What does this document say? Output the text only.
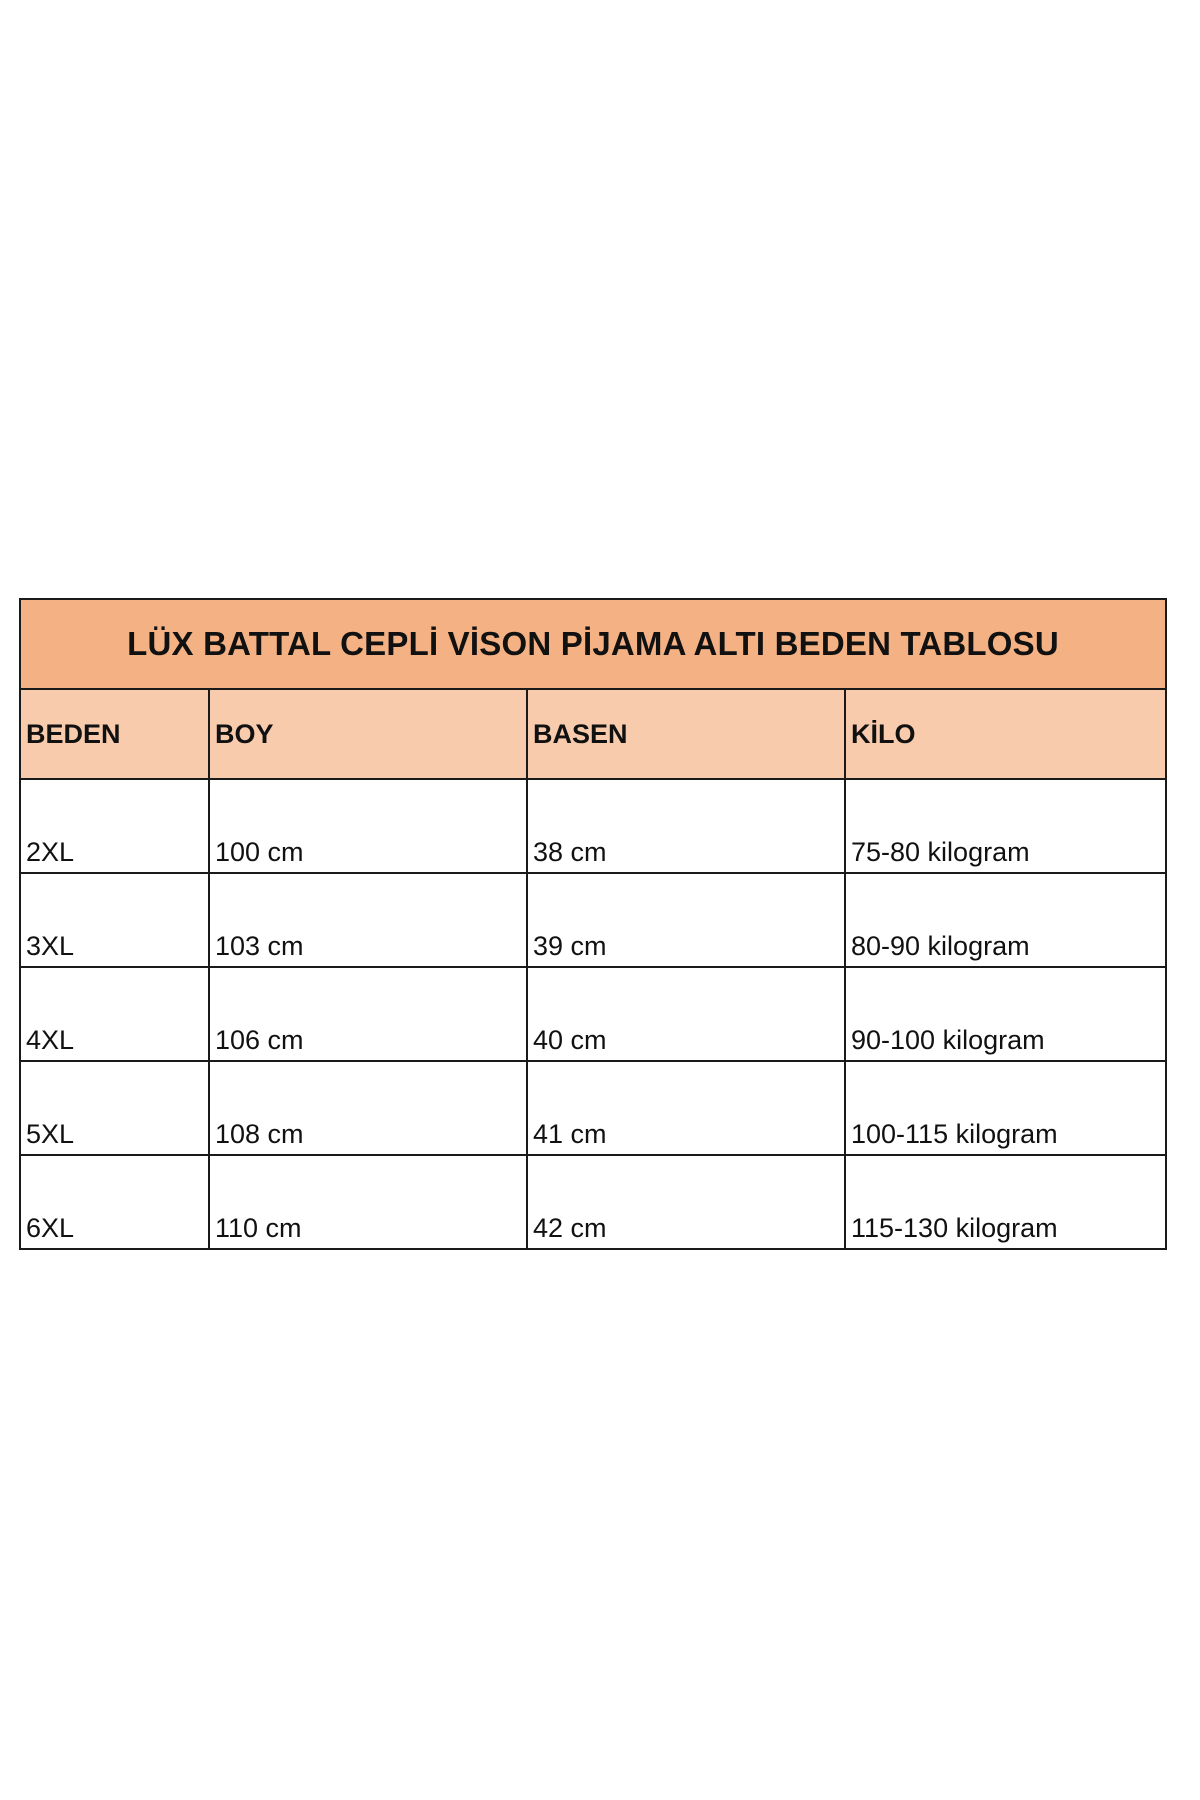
LÜX BATTAL CEPLİ VİSON PİJAMA ALTI BEDEN TABLOSU			
BEDEN	BOY	BASEN	KİLO
2XL	100 cm	38 cm	75-80 kilogram
3XL	103 cm	39 cm	80-90 kilogram
4XL	106 cm	40 cm	90-100 kilogram
5XL	108 cm	41 cm	100-115 kilogram
6XL	110 cm	42 cm	115-130 kilogram
